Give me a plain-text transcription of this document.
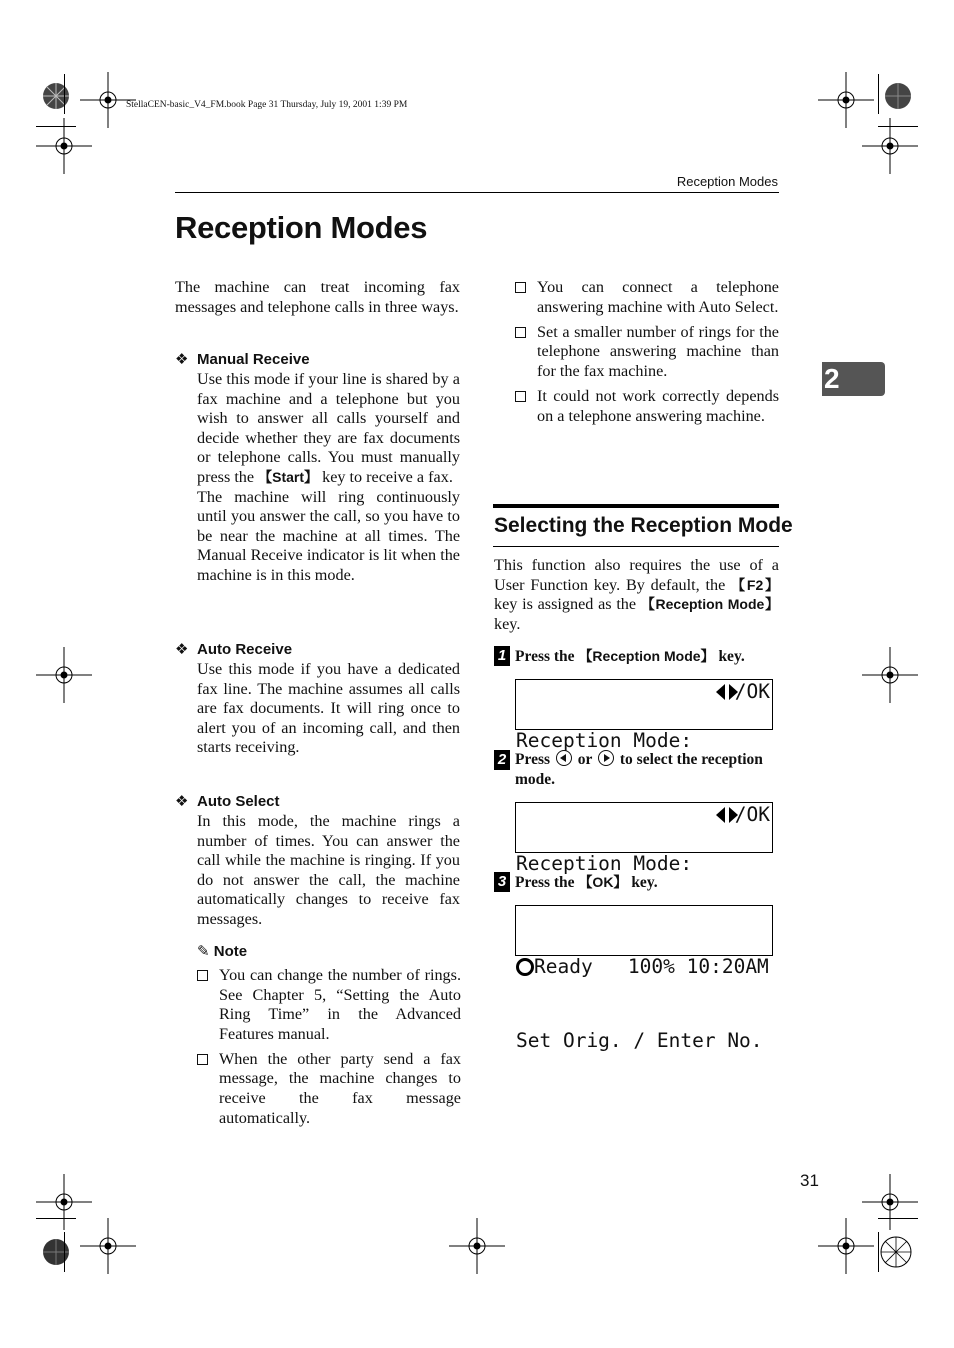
StellaCEN-basic_V4_FM.book Page 31 Thursday, July 19, 2001 1:39 PM
Reception Modes
Reception Modes
2

The machine can treat incoming fax messages and telephone calls in three ways.

❖ Manual Receive
Use this mode if your line is shared by a fax machine and a telephone but you wish to answer all calls yourself and decide whether they are fax documents or telephone calls. You must manually press the 【Start】 key to receive a fax.
The machine will ring continuously until you answer the call, so you have to be near the machine at all times. The Manual Receive indicator is lit when the machine is in this mode.
❖ Auto Receive
Use this mode if you have a dedicated fax line. The machine assumes all calls are fax documents. It will ring once to alert you of an incoming call, and then starts receiving.
❖ Auto Select
In this mode, the machine rings a number of times. You can answer the call while the machine is ringing. If you do not answer the call, the machine automatically changes to receive fax messages.
✎ Note
You can change the number of rings. See Chapter 5, “Setting the Auto Ring Time” in the Advanced Features manual.
When the other party send a fax message, the machine changes to receive the fax message automatically.
You can connect a telephone answering machine with Auto Select.
Set a smaller number of rings for the telephone answering machine than for the fax machine.
It could not work correctly depends on a telephone answering machine.
Selecting the Reception Mode

This function also requires the use of a User Function key. By default, the 【F2】key is assigned as the 【Reception Mode】 key.

1 Press the 【Reception Mode】 key.

Reception Mode:

/OK

2 Press or to select the reception mode.

Reception Mode:

/OK

3 Press the 【OK】 key.

Ready   100% 10:20AM

Set Orig. / Enter No.

31
